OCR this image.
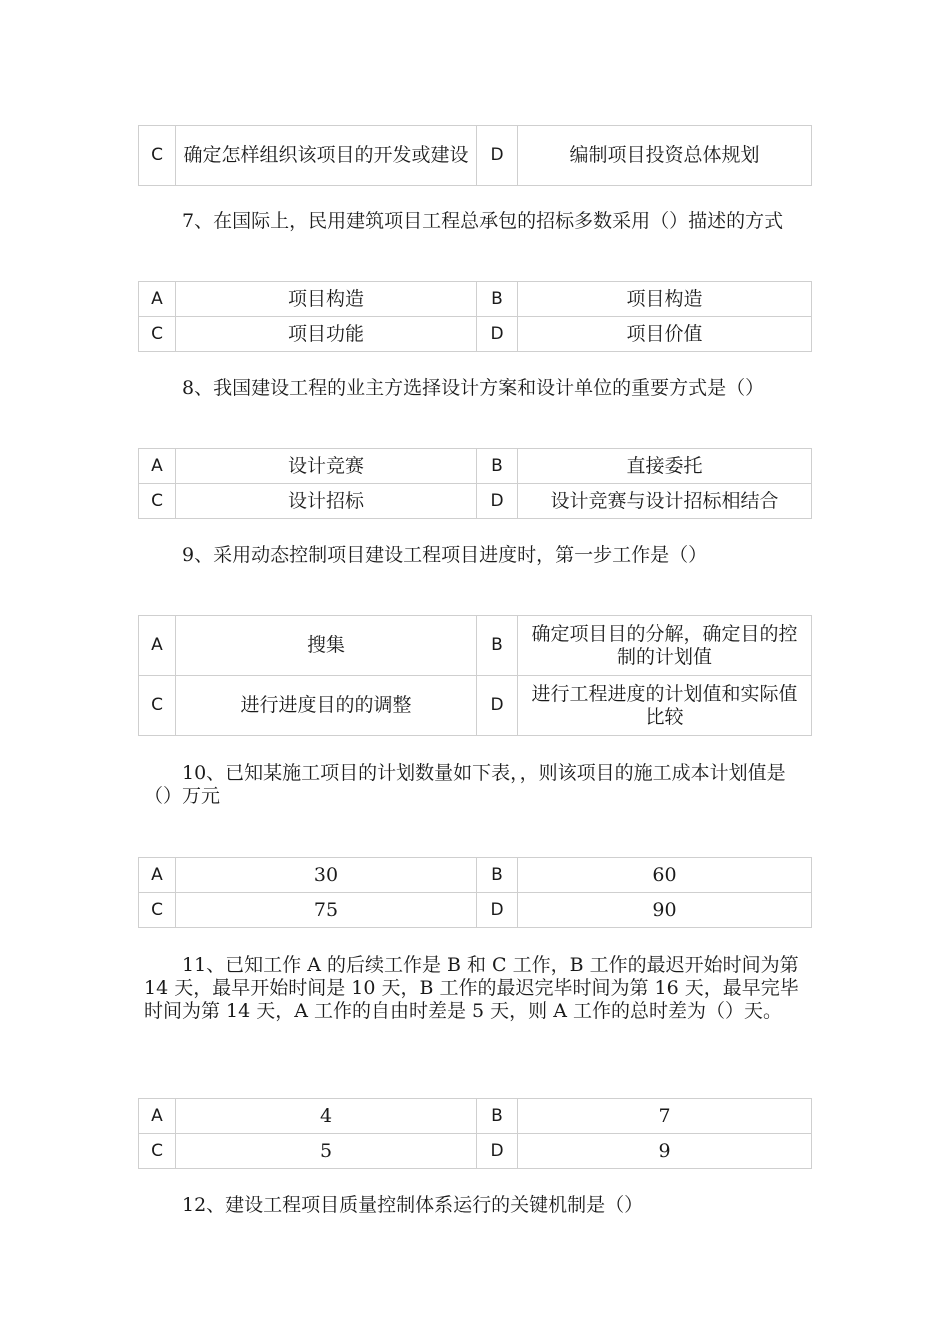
C	确定怎样组织该项目的开发或建设	D	编制项目投资总体规划

7、在国际上，民用建筑项目工程总承包的招标多数采用（）描述的方式

A	项目构造	B	项目构造
C	项目功能	D	项目价值

8、我国建设工程的业主方选择设计方案和设计单位的重要方式是（）

A	设计竞赛	B	直接委托
C	设计招标	D	设计竞赛与设计招标相结合

9、采用动态控制项目建设工程项目进度时，第一步工作是（）

A	搜集	B	确定项目目的分解，确定目的控制的计划值
C	进行进度目的的调整	D	进行工程进度的计划值和实际值比较

10、已知某施工项目的计划数量如下表，，则该项目的施工成本计划值是（）万元

A	30	B	60
C	75	D	90

11、已知工作 A 的后续工作是 B 和 C 工作，B 工作的最迟开始时间为第 14 天，最早开始时间是 10 天，B 工作的最迟完毕时间为第 16 天，最早完毕时间为第 14 天，A 工作的自由时差是 5 天，则 A 工作的总时差为（）天。

A	4	B	7
C	5	D	9

12、建设工程项目质量控制体系运行的关键机制是（）
